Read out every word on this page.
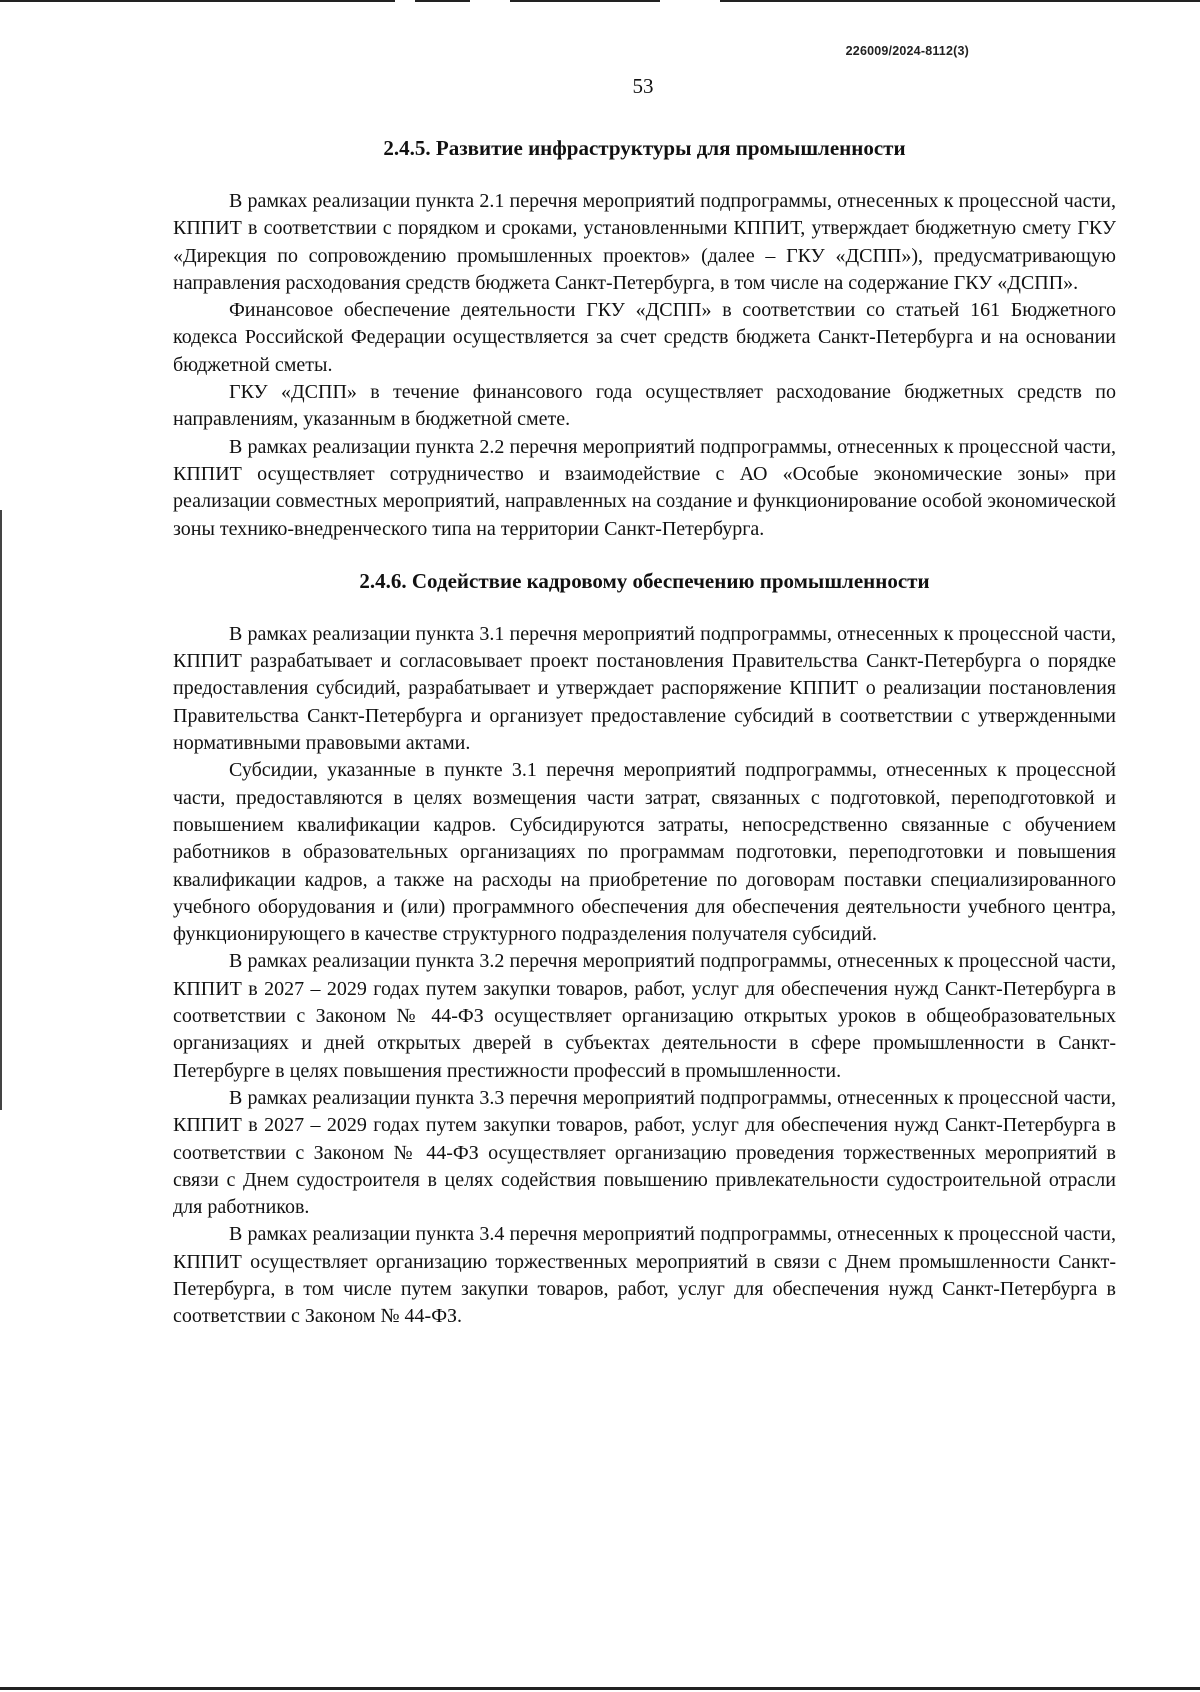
226009/2024-8112(3)
53
2.4.5. Развитие инфраструктуры для промышленности

В рамках реализации пункта 2.1 перечня мероприятий подпрограммы, отнесенных к процессной части, КППИТ в соответствии с порядком и сроками, установленными КППИТ, утверждает бюджетную смету ГКУ «Дирекция по сопровождению промышленных проектов» (далее – ГКУ «ДСПП»), предусматривающую направления расходования средств бюджета Санкт-Петербурга, в том числе на содержание ГКУ «ДСПП».

Финансовое обеспечение деятельности ГКУ «ДСПП» в соответствии со статьей 161 Бюджетного кодекса Российской Федерации осуществляется за счет средств бюджета Санкт-Петербурга и на основании бюджетной сметы.

ГКУ «ДСПП» в течение финансового года осуществляет расходование бюджетных средств по направлениям, указанным в бюджетной смете.

В рамках реализации пункта 2.2 перечня мероприятий подпрограммы, отнесенных к процессной части, КППИТ осуществляет сотрудничество и взаимодействие с АО «Особые экономические зоны» при реализации совместных мероприятий, направленных на создание и функционирование особой экономической зоны технико-внедренческого типа на территории Санкт-Петербурга.

2.4.6. Содействие кадровому обеспечению промышленности

В рамках реализации пункта 3.1 перечня мероприятий подпрограммы, отнесенных к процессной части, КППИТ разрабатывает и согласовывает проект постановления Правительства Санкт-Петербурга о порядке предоставления субсидий, разрабатывает и утверждает распоряжение КППИТ о реализации постановления Правительства Санкт-Петербурга и организует предоставление субсидий в соответствии с утвержденными нормативными правовыми актами.

Субсидии, указанные в пункте 3.1 перечня мероприятий подпрограммы, отнесенных к процессной части, предоставляются в целях возмещения части затрат, связанных с подготовкой, переподготовкой и повышением квалификации кадров. Субсидируются затраты, непосредственно связанные с обучением работников в образовательных организациях по программам подготовки, переподготовки и повышения квалификации кадров, а также на расходы на приобретение по договорам поставки специализированного учебного оборудования и (или) программного обеспечения для обеспечения деятельности учебного центра, функционирующего в качестве структурного подразделения получателя субсидий.

В рамках реализации пункта 3.2 перечня мероприятий подпрограммы, отнесенных к процессной части, КППИТ в 2027 – 2029 годах путем закупки товаров, работ, услуг для обеспечения нужд Санкт-Петербурга в соответствии с Законом № 44-ФЗ осуществляет организацию открытых уроков в общеобразовательных организациях и дней открытых дверей в субъектах деятельности в сфере промышленности в Санкт-Петербурге в целях повышения престижности профессий в промышленности.

В рамках реализации пункта 3.3 перечня мероприятий подпрограммы, отнесенных к процессной части, КППИТ в 2027 – 2029 годах путем закупки товаров, работ, услуг для обеспечения нужд Санкт-Петербурга в соответствии с Законом № 44-ФЗ осуществляет организацию проведения торжественных мероприятий в связи с Днем судостроителя в целях содействия повышению привлекательности судостроительной отрасли для работников.

В рамках реализации пункта 3.4 перечня мероприятий подпрограммы, отнесенных к процессной части, КППИТ осуществляет организацию торжественных мероприятий в связи с Днем промышленности Санкт-Петербурга, в том числе путем закупки товаров, работ, услуг для обеспечения нужд Санкт-Петербурга в соответствии с Законом № 44-ФЗ.
